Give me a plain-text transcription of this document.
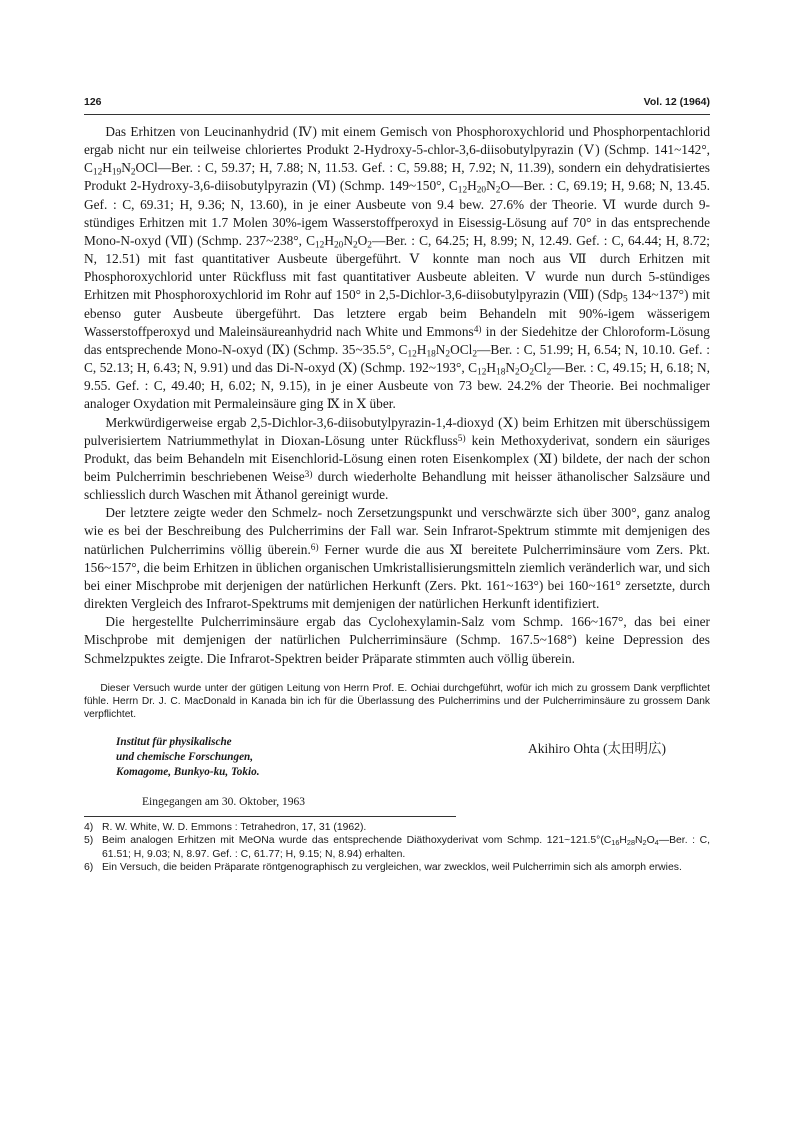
126	Vol. 12 (1964)

Das Erhitzen von Leucinanhydrid (Ⅳ) mit einem Gemisch von Phosphoroxychlorid und Phosphorpentachlorid ergab nicht nur ein teilweise chloriertes Produkt 2-Hydroxy-5-chlor-3,6-diisobutylpyrazin (Ⅴ) (Schmp. 141~142°, $C_{12}H_{19}N_2OCl—Ber$. : C, 59.37; H, 7.88; N, 11.53. Gef. : C, 59.88; H, 7.92; N, 11.39), sondern ein dehydratisiertes Produkt 2-Hydroxy-3,6-diisobutylpyrazin (Ⅵ) (Schmp. 149~150°, $C_{12}H_{20}N_2O—Ber$. : C, 69.19; H, 9.68; N, 13.45. Gef. : C, 69.31; H, 9.36; N, 13.60), in je einer Ausbeute von 9.4 bew. 27.6% der Theorie. Ⅵ wurde durch 9-stündiges Erhitzen mit 1.7 Molen 30%-igem Wasserstoffperoxyd in Eisessig-Lösung auf 70° in das entsprechende Mono-N-oxyd (Ⅶ) (Schmp. 237~238°, $C_{12}H_{20}N_2O_2—Ber$. : C, 64.25; H, 8.99; N, 12.49. Gef. : C, 64.44; H, 8.72; N, 12.51) mit fast quantitativer Ausbeute übergeführt. Ⅴ konnte man noch aus Ⅶ durch Erhitzen mit Phosphoroxychlorid unter Rückfluss mit fast quantitativer Ausbeute ableiten. Ⅴ wurde nun durch 5-stündiges Erhitzen mit Phosphoroxychlorid im Rohr auf 150° in 2,5-Dichlor-3,6-diisobutylpyrazin (Ⅷ) (Sdp$_5$ 134~137°) mit ebenso guter Ausbeute übergeführt. Das letztere ergab beim Behandeln mit 90%-igem wässerigem Wasserstoffperoxyd und Maleinsäureanhydrid nach White und Emmons$^{4)}$ in der Siedehitze der Chloroform-Lösung das entsprechende Mono-N-oxyd (Ⅸ) (Schmp. 35~35.5°, $C_{12}H_{18}N_2OCl_2—Ber$. : C, 51.99; H, 6.54; N, 10.10. Gef. : C, 52.13; H, 6.43; N, 9.91) und das Di-N-oxyd (Ⅹ) (Schmp. 192~193°, $C_{12}H_{18}N_2O_2Cl_2—Ber$. : C, 49.15; H, 6.18; N, 9.55. Gef. : C, 49.40; H, 6.02; N, 9.15), in je einer Ausbeute von 73 bew. 24.2% der Theorie. Bei nochmaliger analoger Oxydation mit Permaleinsäure ging Ⅸ in Ⅹ über.

Merkwürdigerweise ergab 2,5-Dichlor-3,6-diisobutylpyrazin-1,4-dioxyd (Ⅹ) beim Erhitzen mit überschüssigem pulverisiertem Natriummethylat in Dioxan-Lösung unter Rückfluss$^{5)}$ kein Methoxyderivat, sondern ein säuriges Produkt, das beim Behandeln mit Eisenchlorid-Lösung einen roten Eisenkomplex (Ⅺ) bildete, der nach der schon beim Pulcherrimin beschriebenen Weise$^{3)}$ durch wiederholte Behandlung mit heisser äthanolischer Salzsäure und schliesslich durch Waschen mit Äthanol gereinigt wurde.

Der letztere zeigte weder den Schmelz- noch Zersetzungspunkt und verschwärzte sich über 300°, ganz analog wie es bei der Beschreibung des Pulcherrimins der Fall war. Sein Infrarot-Spektrum stimmte mit demjenigen des natürlichen Pulcherrimins völlig überein.$^{6)}$ Ferner wurde die aus Ⅺ bereitete Pulcherriminsäure vom Zers. Pkt. 156~157°, die beim Erhitzen in üblichen organischen Umkristallisierungsmitteln ziemlich veränderlich war, und sich bei einer Mischprobe mit derjenigen der natürlichen Herkunft (Zers. Pkt. 161~163°) bei 160~161° zersetzte, durch direkten Vergleich des Infrarot-Spektrums mit demjenigen der natürlichen Herkunft identifiziert.

Die hergestellte Pulcherriminsäure ergab das Cyclohexylamin-Salz vom Schmp. 166~167°, das bei einer Mischprobe mit demjenigen der natürlichen Pulcherriminsäure (Schmp. 167.5~168°) keine Depression des Schmelzpuktes zeigte. Die Infrarot-Spektren beider Präparate stimmten auch völlig überein.

Dieser Versuch wurde unter der gütigen Leitung von Herrn Prof. E. Ochiai durchgeführt, wofür ich mich zu grossem Dank verpflichtet fühle. Herrn Dr. J. C. MacDonald in Kanada bin ich für die Überlassung des Pulcherrimins und der Pulcherriminsäure zu grossem Dank verpflichtet.
Institut für physikalische
und chemische Forschungen,
Komagome, Bunkyo-ku, Tokio.
Akihiro Ohta (太田明広)
Eingegangen am 30. Oktober, 1963
4) R. W. White, W. D. Emmons : Tetrahedron, 17, 31 (1962).
5) Beim analogen Erhitzen mit MeONa wurde das entsprechende Diäthoxyderivat vom Schmp. $121\sim 121.5^\circ(C_{16}H_{28}N_2O_4—Ber$. : C, 61.51; H, 9.03; N, 8.97. Gef. : C, 61.77; H, 9.15; N, 8.94) erhalten.
6) Ein Versuch, die beiden Präparate röntgenographisch zu vergleichen, war zwecklos, weil Pulcherrimin sich als amorph erwies.
